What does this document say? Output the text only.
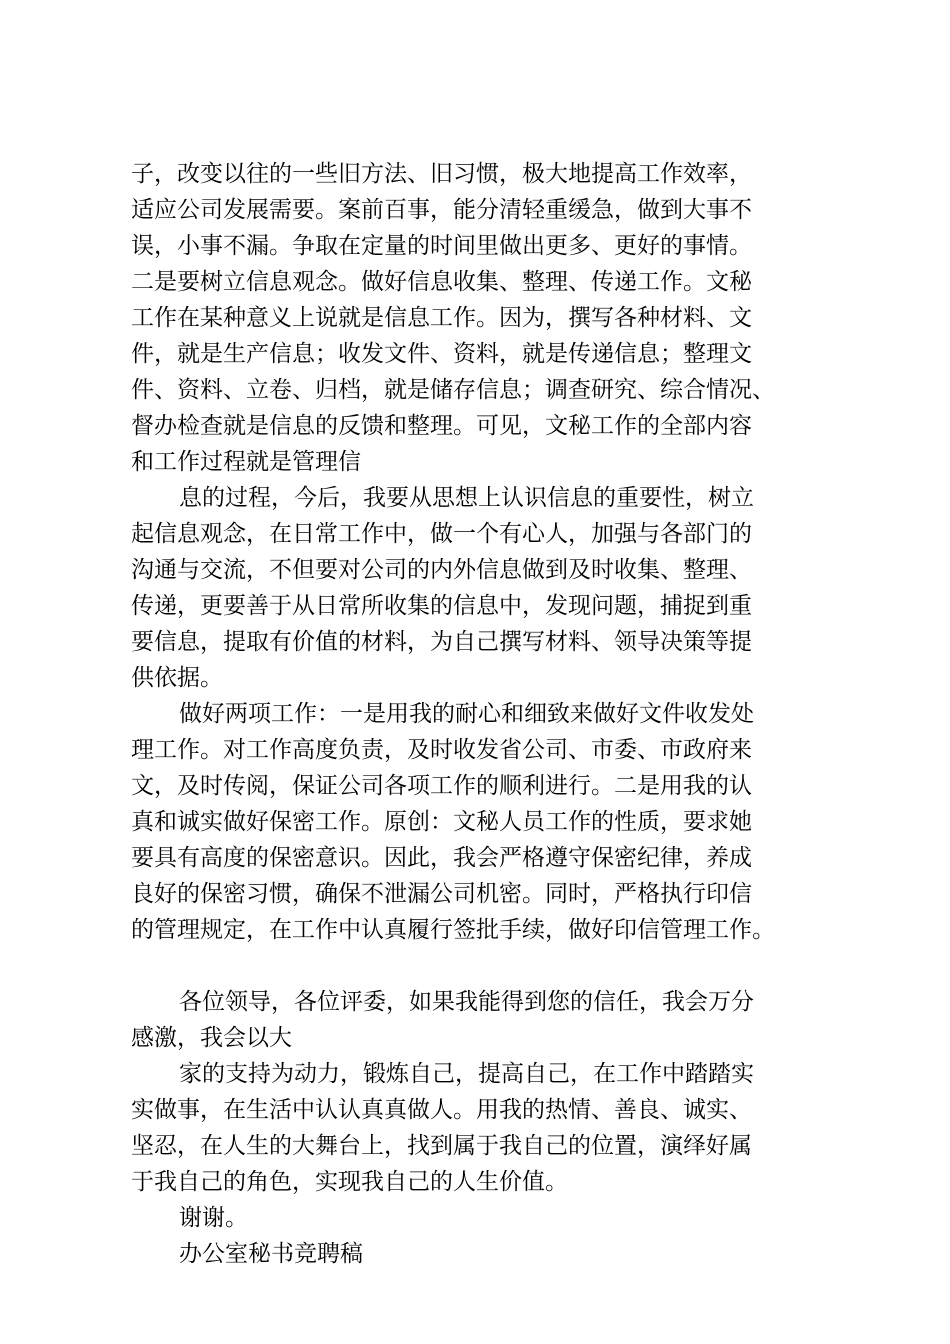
子，改变以往的一些旧方法、旧习惯，极大地提高工作效率，
适应公司发展需要。案前百事，能分清轻重缓急，做到大事不
误，小事不漏。争取在定量的时间里做出更多、更好的事情。
二是要树立信息观念。做好信息收集、整理、传递工作。文秘
工作在某种意义上说就是信息工作。因为，撰写各种材料、文
件，就是生产信息；收发文件、资料，就是传递信息；整理文
件、资料、立卷、归档，就是储存信息；调查研究、综合情况、
督办检查就是信息的反馈和整理。可见，文秘工作的全部内容
和工作过程就是管理信
息的过程，今后，我要从思想上认识信息的重要性，树立
起信息观念，在日常工作中，做一个有心人，加强与各部门的
沟通与交流，不但要对公司的内外信息做到及时收集、整理、
传递，更要善于从日常所收集的信息中，发现问题，捕捉到重
要信息，提取有价值的材料，为自己撰写材料、领导决策等提
供依据。
做好两项工作：一是用我的耐心和细致来做好文件收发处
理工作。对工作高度负责，及时收发省公司、市委、市政府来
文，及时传阅，保证公司各项工作的顺利进行。二是用我的认
真和诚实做好保密工作。原创：文秘人员工作的性质，要求她
要具有高度的保密意识。因此，我会严格遵守保密纪律，养成
良好的保密习惯，确保不泄漏公司机密。同时，严格执行印信
的管理规定，在工作中认真履行签批手续，做好印信管理工作。
各位领导，各位评委，如果我能得到您的信任，我会万分
感激，我会以大
家的支持为动力，锻炼自己，提高自己，在工作中踏踏实
实做事，在生活中认认真真做人。用我的热情、善良、诚实、
坚忍，在人生的大舞台上，找到属于我自己的位置，演绎好属
于我自己的角色，实现我自己的人生价值。
谢谢。
办公室秘书竞聘稿
